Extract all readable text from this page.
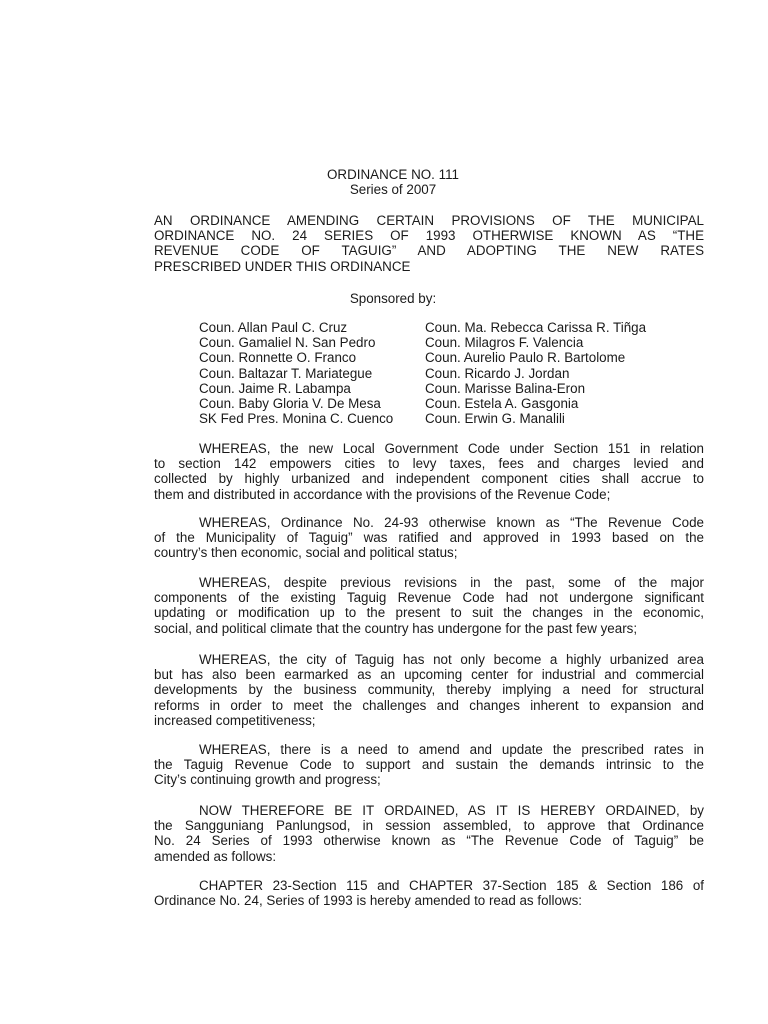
ORDINANCE NO. 111
Series of 2007
AN ORDINANCE AMENDING CERTAIN PROVISIONS OF THE MUNICIPAL
ORDINANCE NO. 24 SERIES OF 1993 OTHERWISE KNOWN AS “THE
REVENUE CODE OF TAGUIG” AND ADOPTING THE NEW RATES
PRESCRIBED UNDER THIS ORDINANCE
Sponsored by:
Coun. Allan Paul C. Cruz	Coun. Ma. Rebecca Carissa R. Tiñga
Coun. Gamaliel N. San Pedro	Coun. Milagros F. Valencia
Coun. Ronnette O. Franco	Coun. Aurelio Paulo R. Bartolome
Coun. Baltazar T. Mariategue	Coun. Ricardo J. Jordan
Coun. Jaime R. Labampa	Coun. Marisse Balina-Eron
Coun. Baby Gloria V. De Mesa	Coun. Estela A. Gasgonia
SK Fed Pres. Monina C. Cuenco	Coun. Erwin G. Manalili
WHEREAS, the new Local Government Code under Section 151 in relation
to section 142 empowers cities to levy taxes, fees and charges levied and
collected by highly urbanized and independent component cities shall accrue to
them and distributed in accordance with the provisions of the Revenue Code;
WHEREAS, Ordinance No. 24-93 otherwise known as “The Revenue Code
of the Municipality of Taguig” was ratified and approved in 1993 based on the
country’s then economic, social and political status;
WHEREAS, despite previous revisions in the past, some of the major
components of the existing Taguig Revenue Code had not undergone significant
updating or modification up to the present to suit the changes in the economic,
social, and political climate that the country has undergone for the past few years;
WHEREAS, the city of Taguig has not only become a highly urbanized area
but has also been earmarked as an upcoming center for industrial and commercial
developments by the business community, thereby implying a need for structural
reforms in order to meet the challenges and changes inherent to expansion and
increased competitiveness;
WHEREAS, there is a need to amend and update the prescribed rates in
the Taguig Revenue Code to support and sustain the demands intrinsic to the
City’s continuing growth and progress;
NOW THEREFORE BE IT ORDAINED, AS IT IS HEREBY ORDAINED, by
the Sangguniang Panlungsod, in session assembled, to approve that Ordinance
No. 24 Series of 1993 otherwise known as “The Revenue Code of Taguig” be
amended as follows:
CHAPTER 23-Section 115 and CHAPTER 37-Section 185 & Section 186 of
Ordinance No. 24, Series of 1993 is hereby amended to read as follows:
